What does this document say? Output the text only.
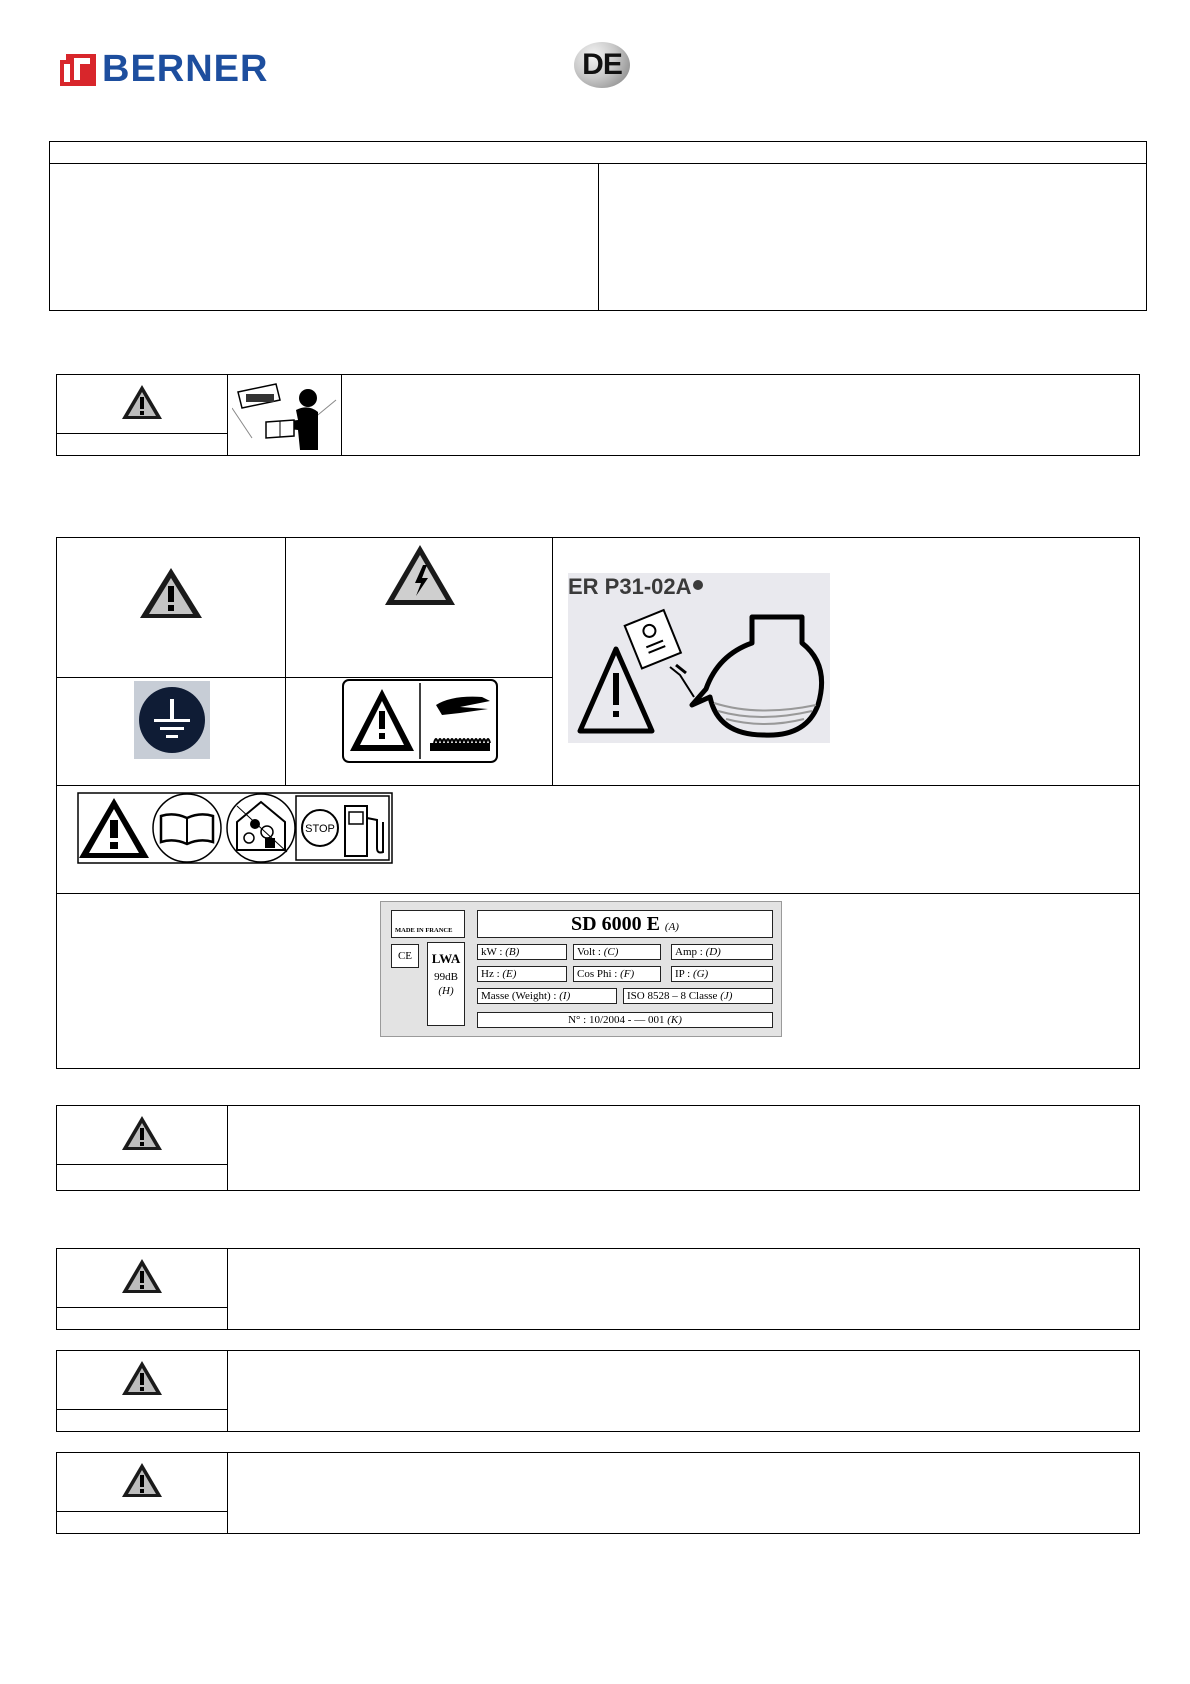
BERNER	DE
ER P31-02A
STOP
MADE IN FRANCE	SD 6000 E (A)
CE	LWA
99dB
(H)
kW : (B)	Volt : (C)	Amp : (D)
Hz : (E)	Cos Phi : (F)	IP : (G)
Masse (Weight) : (I)	ISO 8528 – 8 Classe (J)
N° : 10/2004 - — 001 (K)
